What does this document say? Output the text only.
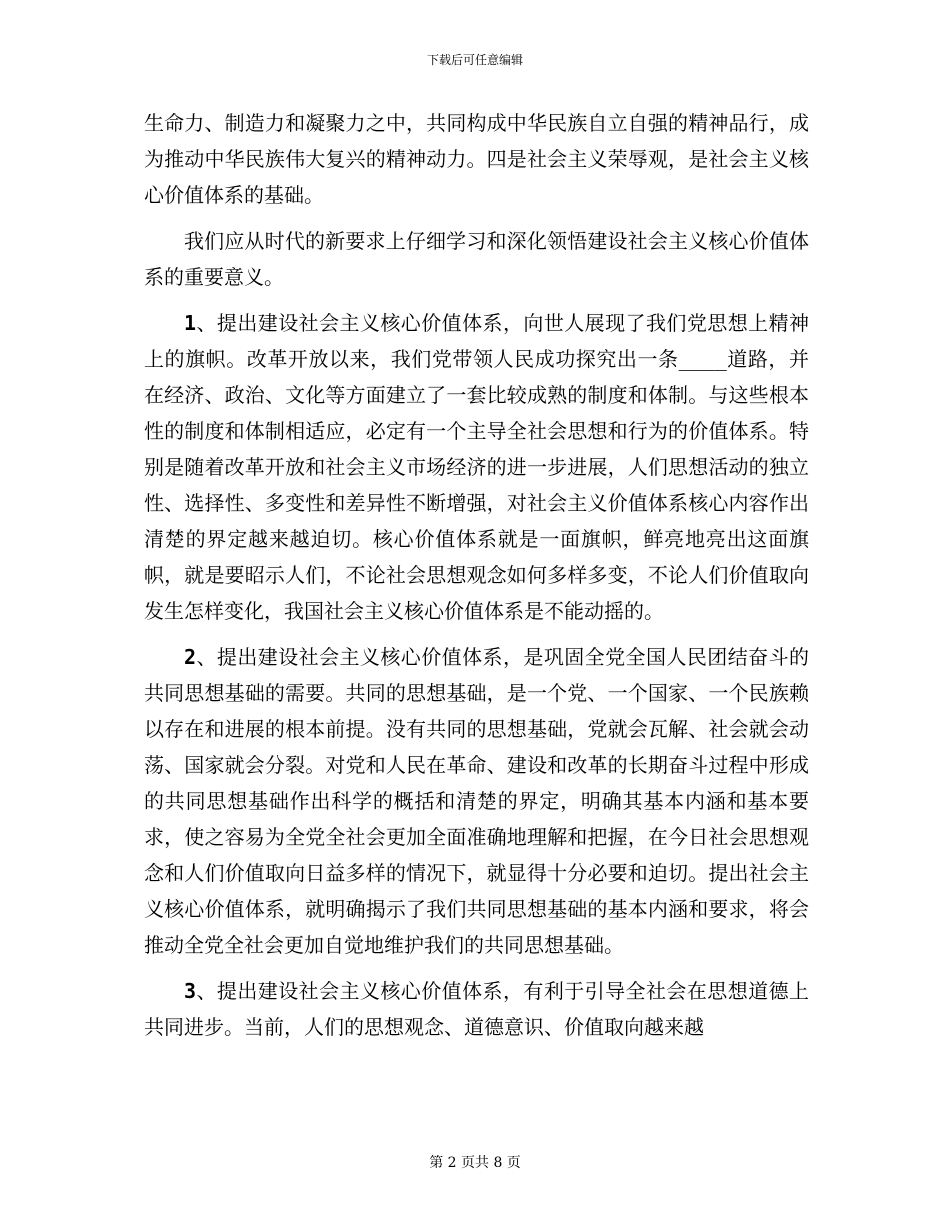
下载后可任意编辑

生命力、制造力和凝聚力之中，共同构成中华民族自立自强的精神品行，成为推动中华民族伟大复兴的精神动力。四是社会主义荣辱观，是社会主义核心价值体系的基础。

我们应从时代的新要求上仔细学习和深化领悟建设社会主义核心价值体系的重要意义。

1、提出建设社会主义核心价值体系，向世人展现了我们党思想上精神上的旗帜。改革开放以来，我们党带领人民成功探究出一条____道路，并在经济、政治、文化等方面建立了一套比较成熟的制度和体制。与这些根本性的制度和体制相适应，必定有一个主导全社会思想和行为的价值体系。特别是随着改革开放和社会主义市场经济的进一步进展，人们思想活动的独立性、选择性、多变性和差异性不断增强，对社会主义价值体系核心内容作出清楚的界定越来越迫切。核心价值体系就是一面旗帜，鲜亮地亮出这面旗帜，就是要昭示人们，不论社会思想观念如何多样多变，不论人们价值取向发生怎样变化，我国社会主义核心价值体系是不能动摇的。

2、提出建设社会主义核心价值体系，是巩固全党全国人民团结奋斗的共同思想基础的需要。共同的思想基础，是一个党、一个国家、一个民族赖以存在和进展的根本前提。没有共同的思想基础，党就会瓦解、社会就会动荡、国家就会分裂。对党和人民在革命、建设和改革的长期奋斗过程中形成的共同思想基础作出科学的概括和清楚的界定，明确其基本内涵和基本要求，使之容易为全党全社会更加全面准确地理解和把握，在今日社会思想观念和人们价值取向日益多样的情况下，就显得十分必要和迫切。提出社会主义核心价值体系，就明确揭示了我们共同思想基础的基本内涵和要求，将会推动全党全社会更加自觉地维护我们的共同思想基础。

3、提出建设社会主义核心价值体系，有利于引导全社会在思想道德上共同进步。当前，人们的思想观念、道德意识、价值取向越来越

第 2 页共 8 页
